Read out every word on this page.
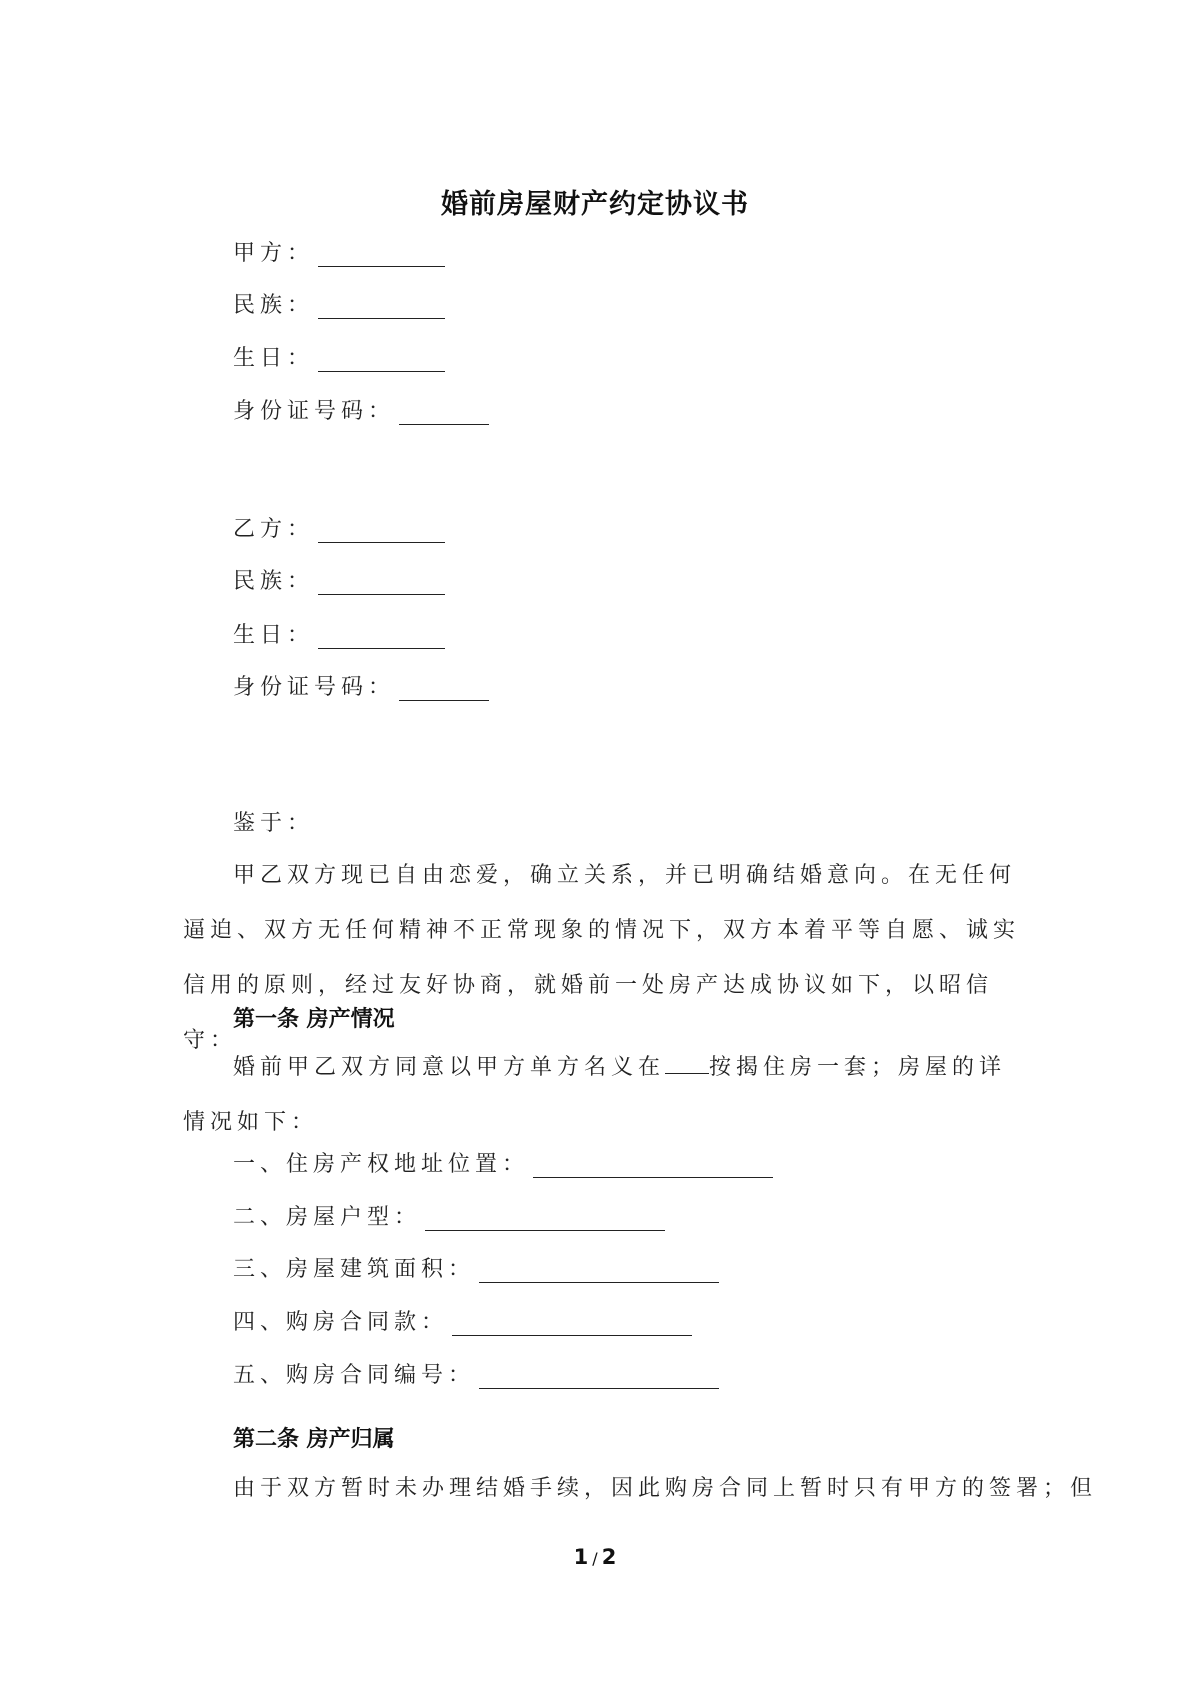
婚前房屋财产约定协议书
甲方：
民族：
生日：
身份证号码：
乙方：
民族：
生日：
身份证号码：
鉴于：
甲乙双方现已自由恋爱，确立关系，并已明确结婚意向。在无任何逼迫、双方无任何精神不正常现象的情况下，双方本着平等自愿、诚实信用的原则，经过友好协商，就婚前一处房产达成协议如下，以昭信守：
第一条 房产情况
婚前甲乙双方同意以甲方单方名义在 按揭住房一套；房屋的详情况如下：
一、住房产权地址位置：
二、房屋户型：
三、房屋建筑面积：
四、购房合同款：
五、购房合同编号：
第二条 房产归属
由于双方暂时未办理结婚手续，因此购房合同上暂时只有甲方的签署；但
1 / 2
